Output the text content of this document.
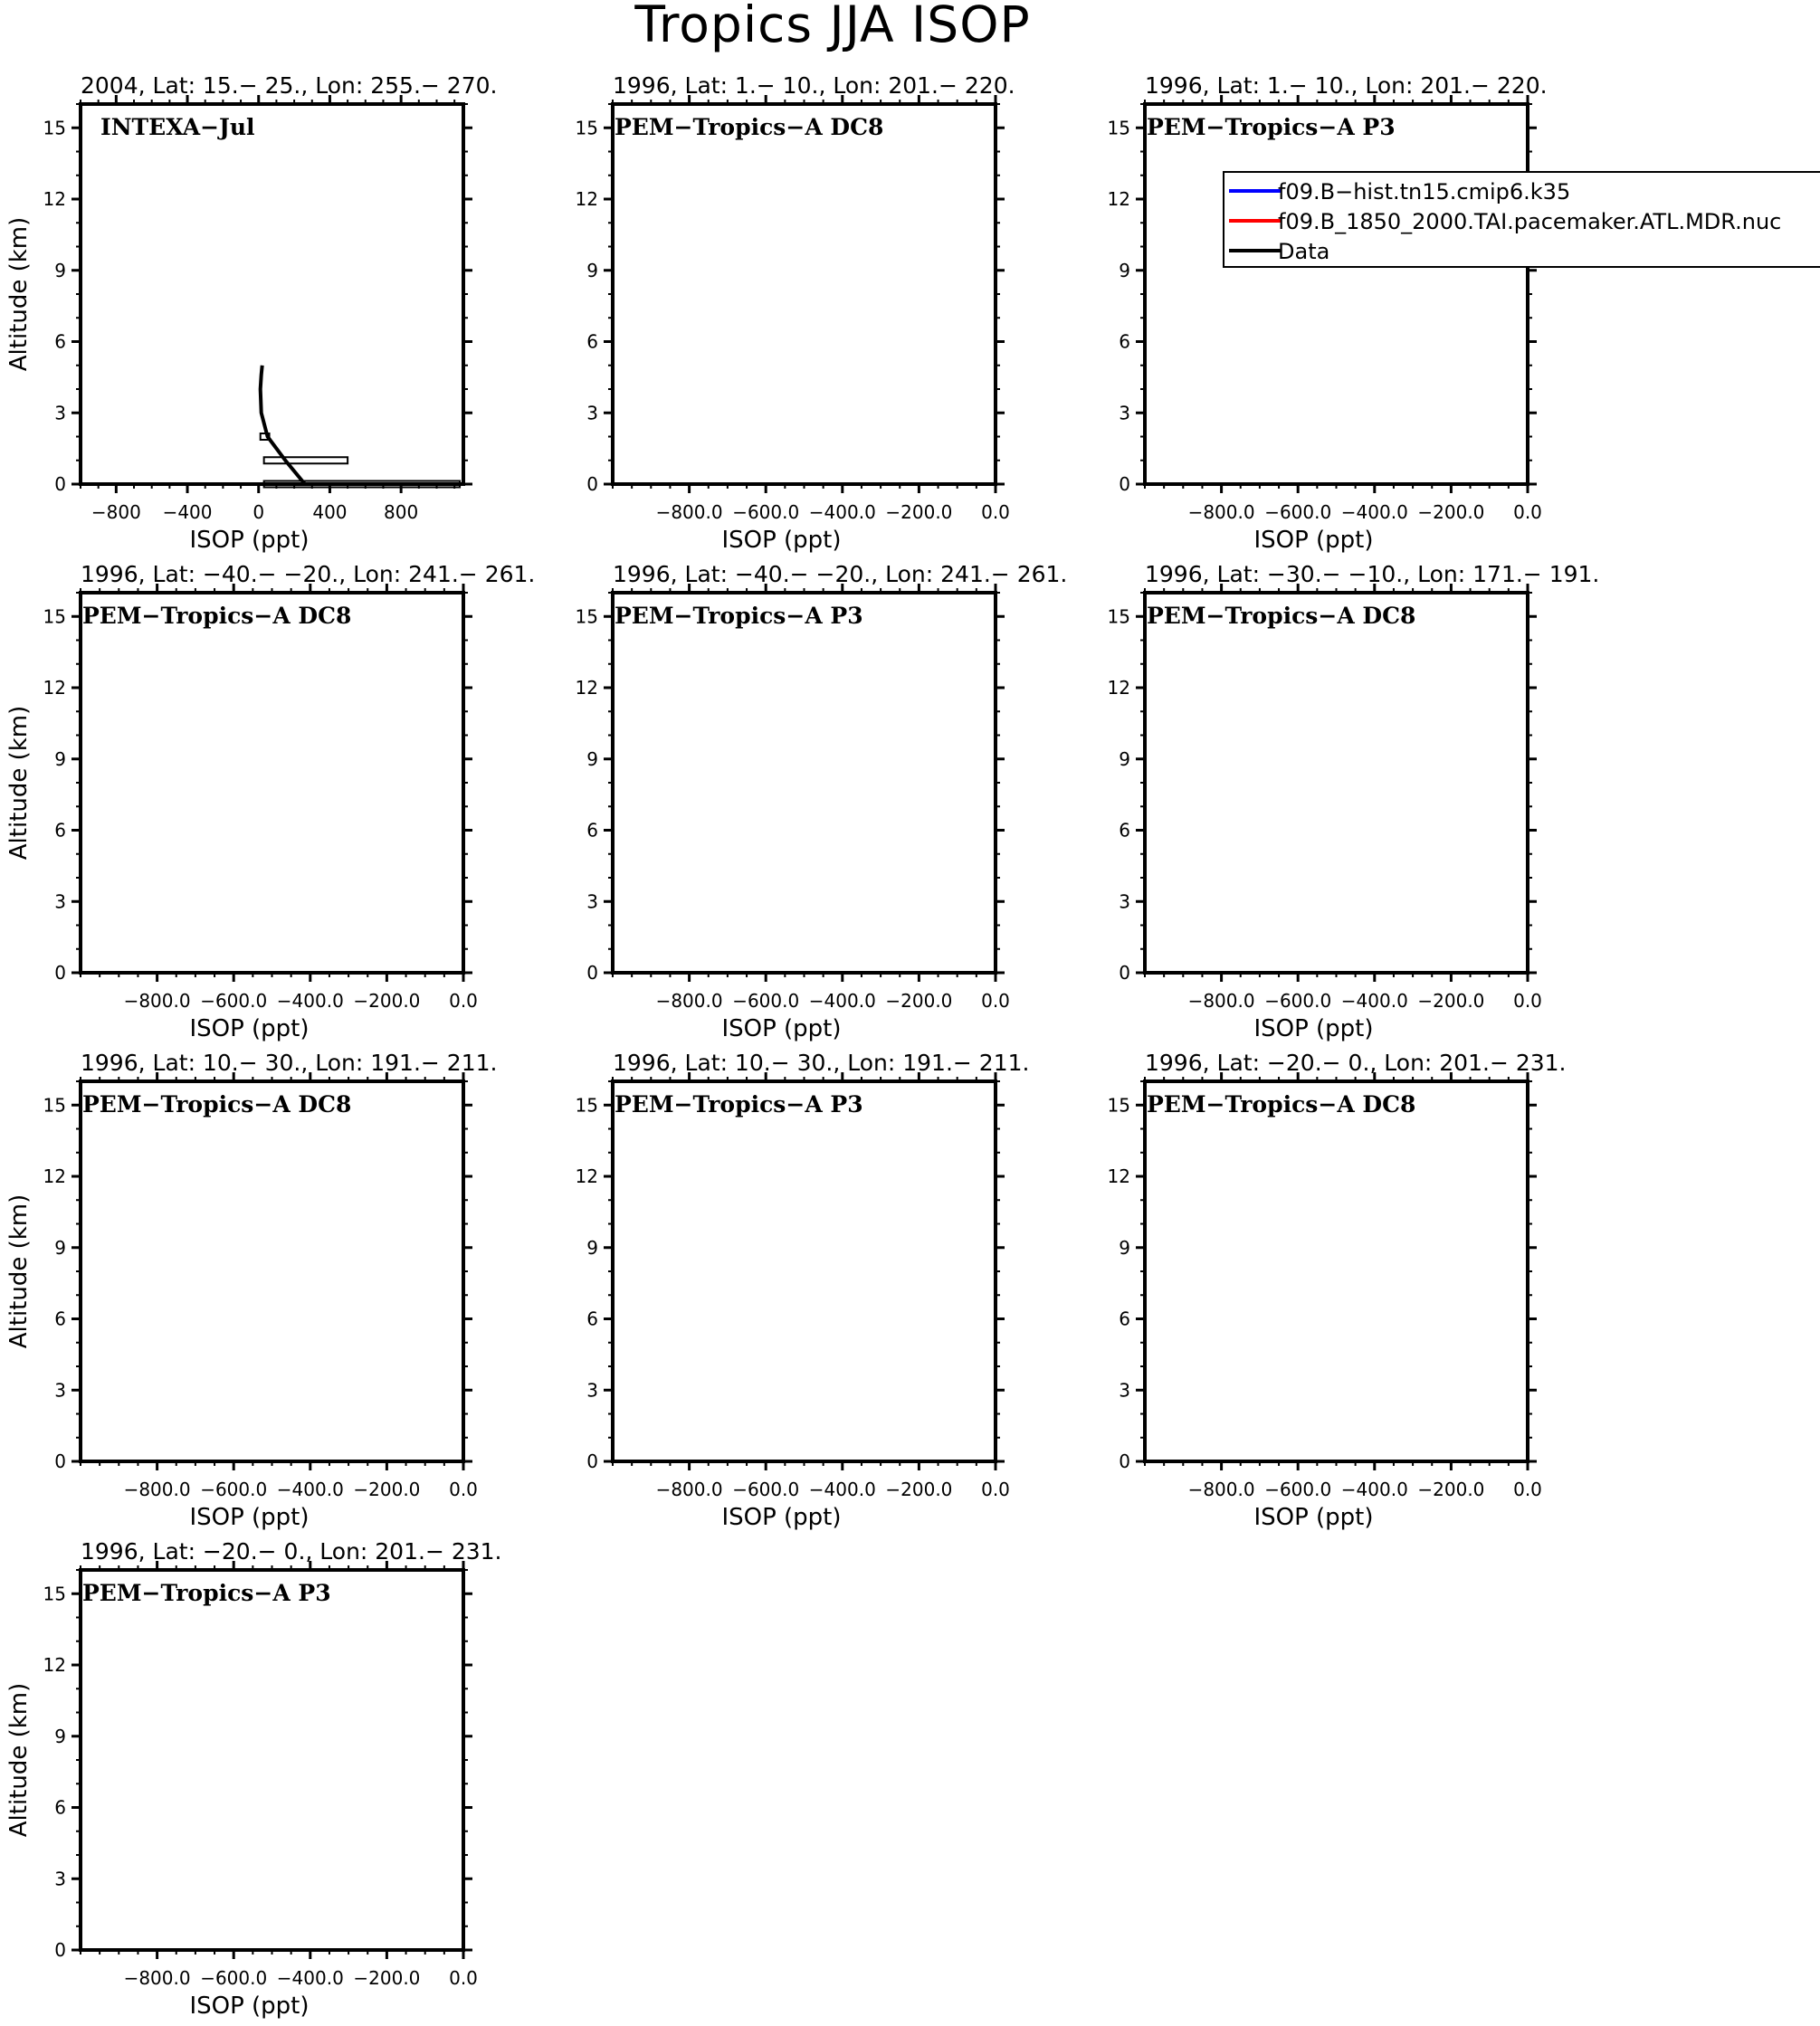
Tropics JJA ISOP
2004, Lat: 15.− 25., Lon: 255.− 270.
INTEXA−Jul
0
3
6
9
12
15
−800 −400 0	400 800
ISOP (ppt)
Altitude (km)
1996, Lat: 1.− 10., Lon: 201.− 220.
PEM−Tropics−A DC8
0
3
6
9
12
15
−800.0 −600.0 −400.0 −200.0 0.0
ISOP (ppt)
1996, Lat: 1.− 10., Lon: 201.− 220.
PEM−Tropics−A P3
0
3
6
9
12
15
−800.0 −600.0 −400.0 −200.0 0.0
ISOP (ppt)
1996, Lat: −40.− −20., Lon: 241.− 261.
PEM−Tropics−A DC8
0
3
6
9
12
15
−800.0 −600.0 −400.0 −200.0 0.0
ISOP (ppt)
Altitude (km)
1996, Lat: −40.− −20., Lon: 241.− 261.
PEM−Tropics−A P3
0
3
6
9
12
15
−800.0 −600.0 −400.0 −200.0 0.0
ISOP (ppt)
1996, Lat: −30.− −10., Lon: 171.− 191.
PEM−Tropics−A DC8
0
3
6
9
12
15
−800.0 −600.0 −400.0 −200.0 0.0
ISOP (ppt)
1996, Lat: 10.− 30., Lon: 191.− 211.
PEM−Tropics−A DC8
0
3
6
9
12
15
−800.0 −600.0 −400.0 −200.0 0.0
ISOP (ppt)
Altitude (km)
1996, Lat: 10.− 30., Lon: 191.− 211.
PEM−Tropics−A P3
0
3
6
9
12
15
−800.0 −600.0 −400.0 −200.0 0.0
ISOP (ppt)
1996, Lat: −20.− 0., Lon: 201.− 231.
PEM−Tropics−A DC8
0
3
6
9
12
15
−800.0 −600.0 −400.0 −200.0 0.0
ISOP (ppt)
1996, Lat: −20.− 0., Lon: 201.− 231.
PEM−Tropics−A P3
0
3
6
9
12
15
−800.0 −600.0 −400.0 −200.0 0.0
ISOP (ppt)
Altitude (km)
f09.B−hist.tn15.cmip6.k35
f09.B_1850_2000.TAI.pacemaker.ATL.MDR.nuc
Data
